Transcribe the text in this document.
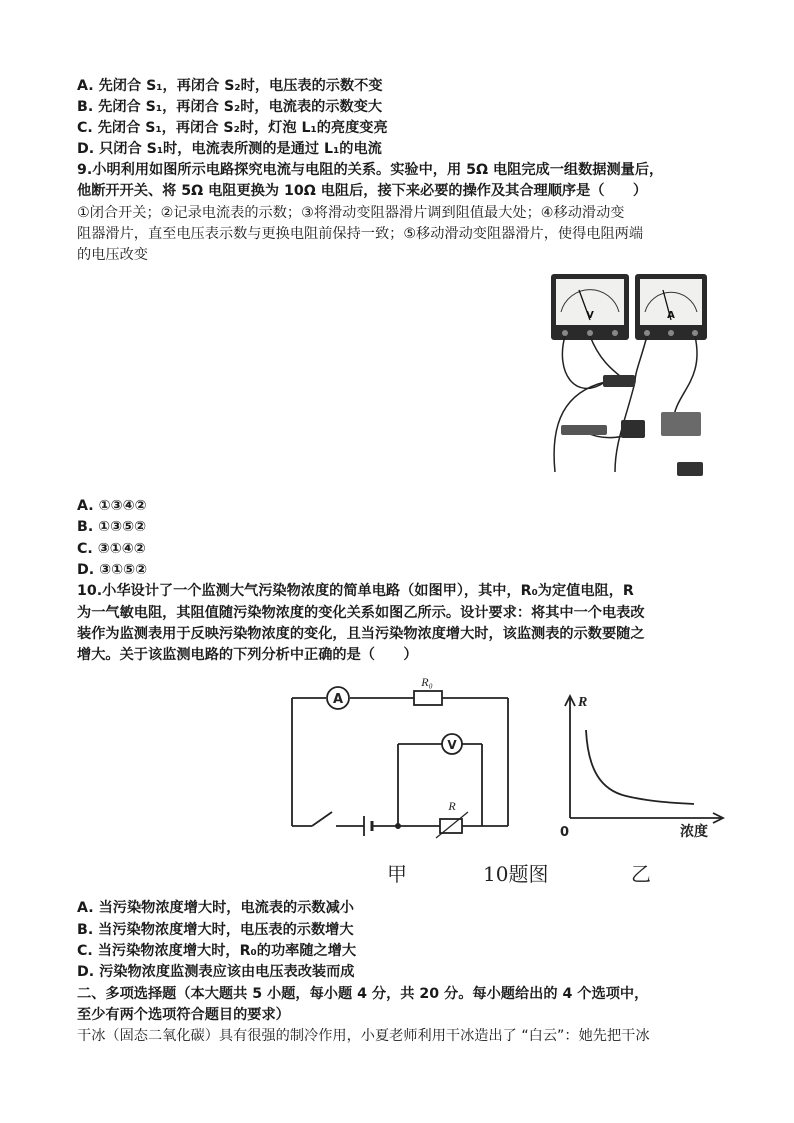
A. 先闭合 S₁，再闭合 S₂时，电压表的示数不变
B. 先闭合 S₁，再闭合 S₂时，电流表的示数变大
C. 先闭合 S₁，再闭合 S₂时，灯泡 L₁的亮度变亮
D. 只闭合 S₁时，电流表所测的是通过 L₁的电流
9.小明利用如图所示电路探究电流与电阻的关系。实验中，用 5Ω 电阻完成一组数据测量后，
他断开开关、将 5Ω 电阻更换为 10Ω 电阻后，接下来必要的操作及其合理顺序是（　　）
①闭合开关；②记录电流表的示数；③将滑动变阻器滑片调到阻值最大处；④移动滑动变
阻器滑片，直至电压表示数与更换电阻前保持一致；⑤移动滑动变阻器滑片，使得电阻两端
的电压改变
V	A
A. ①③④②
B. ①③⑤②
C. ③①④②
D. ③①⑤②
10.小华设计了一个监测大气污染物浓度的简单电路（如图甲），其中，R₀为定值电阻，R
为一气敏电阻，其阻值随污染物浓度的变化关系如图乙所示。设计要求：将其中一个电表改
装作为监测表用于反映污染物浓度的变化，且当污染物浓度增大时，该监测表的示数要随之
增大。关于该监测电路的下列分析中正确的是（　　）
A
R₀
V
R
R
0	浓度
甲	10题图	乙
A. 当污染物浓度增大时，电流表的示数减小
B. 当污染物浓度增大时，电压表的示数增大
C. 当污染物浓度增大时，R₀的功率随之增大
D. 污染物浓度监测表应该由电压表改装而成
二、多项选择题（本大题共 5 小题，每小题 4 分，共 20 分。每小题给出的 4 个选项中，
至少有两个选项符合题目的要求）
干冰（固态二氧化碳）具有很强的制冷作用，小夏老师利用干冰造出了 “白云”：她先把干冰
